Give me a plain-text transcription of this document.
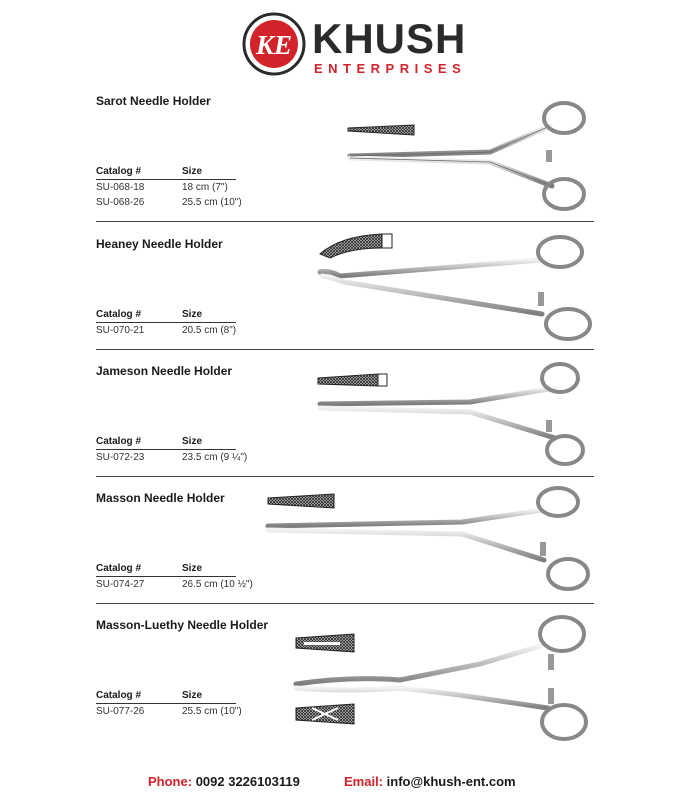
KE KHUSH
ENTERPRISES
Sarot Needle Holder
Catalog #	Size
SU-068-18	18 cm (7")
SU-068-26	25.5 cm (10")
Heaney Needle Holder
Catalog #	Size
SU-070-21	20.5 cm (8")
Jameson Needle Holder
Catalog #	Size
SU-072-23	23.5 cm (9 ¼")
Masson Needle Holder
Catalog #	Size
SU-074-27	26.5 cm (10 ½")
Masson-Luethy Needle Holder
Catalog #	Size
SU-077-26	25.5 cm (10")
Phone: 0092 3226103119	Email: info@khush-ent.com
